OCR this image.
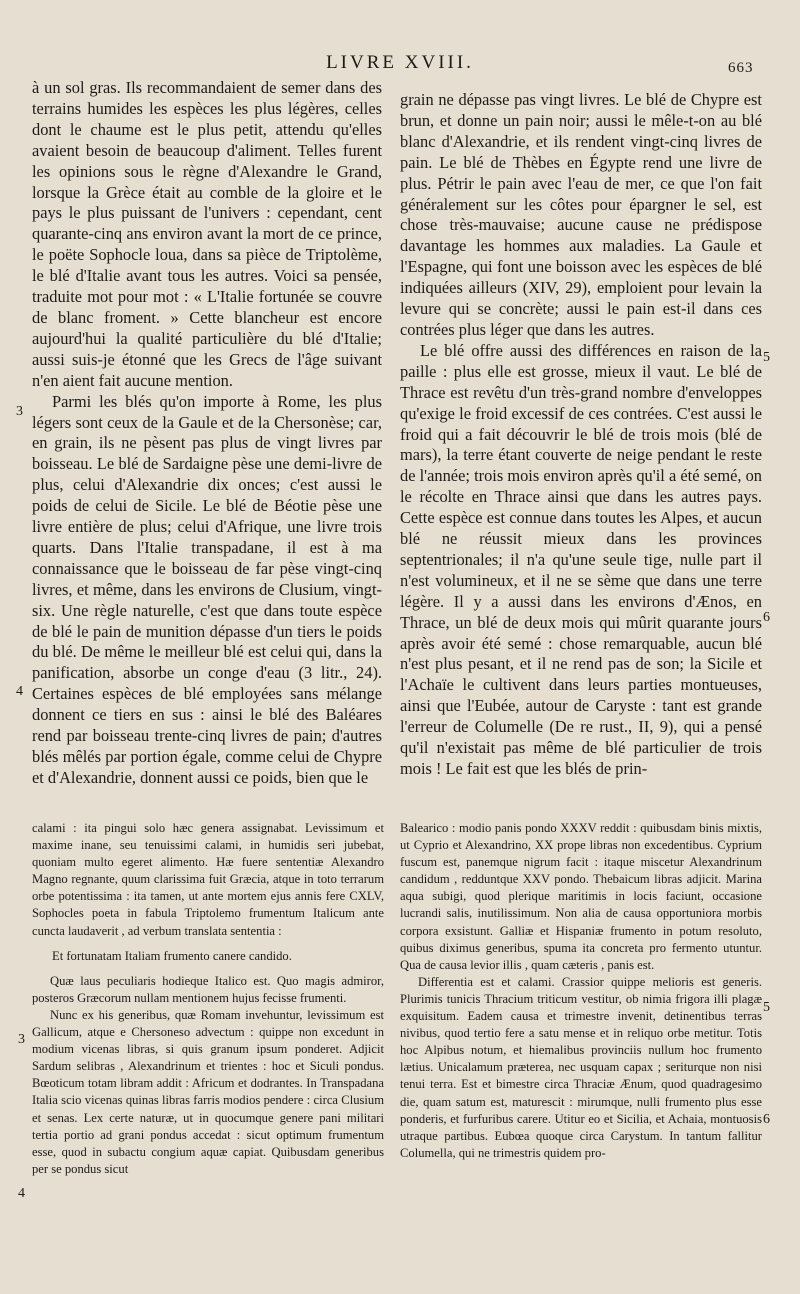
LIVRE XVIII.	663

à un sol gras. Ils recommandaient de semer dans des terrains humides les espèces les plus légères, celles dont le chaume est le plus petit, attendu qu'elles avaient besoin de beaucoup d'aliment. Telles furent les opinions sous le règne d'Alexandre le Grand, lorsque la Grèce était au comble de la gloire et le pays le plus puissant de l'univers : cependant, cent quarante-cinq ans environ avant la mort de ce prince, le poëte Sophocle loua, dans sa pièce de Triptolème, le blé d'Italie avant tous les autres. Voici sa pensée, traduite mot pour mot : « L'Italie fortunée se couvre de blanc froment. » Cette blancheur est encore aujourd'hui la qualité particulière du blé d'Italie; aussi suis-je étonné que les Grecs de l'âge suivant n'en aient fait aucune mention.

Parmi les blés qu'on importe à Rome, les plus légers sont ceux de la Gaule et de la Chersonèse; car, en grain, ils ne pèsent pas plus de vingt livres par boisseau. Le blé de Sardaigne pèse une demi-livre de plus, celui d'Alexandrie dix onces; c'est aussi le poids de celui de Sicile. Le blé de Béotie pèse une livre entière de plus; celui d'Afrique, une livre trois quarts. Dans l'Italie transpadane, il est à ma connaissance que le boisseau de far pèse vingt-cinq livres, et même, dans les environs de Clusium, vingt-six. Une règle naturelle, c'est que dans toute espèce de blé le pain de munition dépasse d'un tiers le poids du blé. De même le meilleur blé est celui qui, dans la panification, absorbe un conge d'eau (3 litr., 24). Certaines espèces de blé employées sans mélange donnent ce tiers en sus : ainsi le blé des Baléares rend par boisseau trente-cinq livres de pain; d'autres blés mêlés par portion égale, comme celui de Chypre et d'Alexandrie, donnent aussi ce poids, bien que le

grain ne dépasse pas vingt livres. Le blé de Chypre est brun, et donne un pain noir; aussi le mêle-t-on au blé blanc d'Alexandrie, et ils rendent vingt-cinq livres de pain. Le blé de Thèbes en Égypte rend une livre de plus. Pétrir le pain avec l'eau de mer, ce que l'on fait généralement sur les côtes pour épargner le sel, est chose très-mauvaise; aucune cause ne prédispose davantage les hommes aux maladies. La Gaule et l'Espagne, qui font une boisson avec les espèces de blé indiquées ailleurs (XIV, 29), emploient pour levain la levure qui se concrète; aussi le pain est-il dans ces contrées plus léger que dans les autres.

Le blé offre aussi des différences en raison de la paille : plus elle est grosse, mieux il vaut. Le blé de Thrace est revêtu d'un très-grand nombre d'enveloppes qu'exige le froid excessif de ces contrées. C'est aussi le froid qui a fait découvrir le blé de trois mois (blé de mars), la terre étant couverte de neige pendant le reste de l'année; trois mois environ après qu'il a été semé, on le récolte en Thrace ainsi que dans les autres pays. Cette espèce est connue dans toutes les Alpes, et aucun blé ne réussit mieux dans les provinces septentrionales; il n'a qu'une seule tige, nulle part il n'est volumineux, et il ne se sème que dans une terre légère. Il y a aussi dans les environs d'Ænos, en Thrace, un blé de deux mois qui mûrit quarante jours après avoir été semé : chose remarquable, aucun blé n'est plus pesant, et il ne rend pas de son; la Sicile et l'Achaïe le cultivent dans leurs parties montueuses, ainsi que l'Eubée, autour de Caryste : tant est grande l'erreur de Columelle (De re rust., II, 9), qui a pensé qu'il n'existait pas même de blé particulier de trois mois ! Le fait est que les blés de prin-

calami : ita pingui solo hæc genera assignabat. Levissimum et maxime inane, seu tenuissimi calami, in humidis seri jubebat, quoniam multo egeret alimento. Hæ fuere sententiæ Alexandro Magno regnante, quum clarissima fuit Græcia, atque in toto terrarum orbe potentissima : ita tamen, ut ante mortem ejus annis fere CXLV, Sophocles poeta in fabula Triptolemo frumentum Italicum ante cuncta laudaverit , ad verbum translata sententia :

Et fortunatam Italiam frumento canere candido.

Quæ laus peculiaris hodieque Italico est. Quo magis admiror, posteros Græcorum nullam mentionem hujus fecisse frumenti.

Nunc ex his generibus, quæ Romam invehuntur, levissimum est Gallicum, atque e Chersoneso advectum : quippe non excedunt in modium vicenas libras, si quis granum ipsum ponderet. Adjicit Sardum selibras , Alexandrinum et trientes : hoc et Siculi pondus. Bœoticum totam libram addit : Africum et dodrantes. In Transpadana Italia scio vicenas quinas libras farris modios pendere : circa Clusium et senas. Lex certe naturæ, ut in quocumque genere pani militari tertia portio ad grani pondus accedat : sicut optimum frumentum esse, quod in subactu congium aquæ capiat. Quibusdam generibus per se pondus sicut

Balearico : modio panis pondo XXXV reddit : quibusdam binis mixtis, ut Cyprio et Alexandrino, XX prope libras non excedentibus. Cyprium fuscum est, panemque nigrum facit : itaque miscetur Alexandrinum candidum , redduntque XXV pondo. Thebaicum libras adjicit. Marina aqua subigi, quod plerique maritimis in locis faciunt, occasione lucrandi salis, inutilissimum. Non alia de causa opportuniora morbis corpora exsistunt. Galliæ et Hispaniæ frumento in potum resoluto, quibus diximus generibus, spuma ita concreta pro fermento utuntur. Qua de causa levior illis , quam cæteris , panis est.

Differentia est et calami. Crassior quippe melioris est generis. Plurimis tunicis Thracium triticum vestitur, ob nimia frigora illi plagæ exquisitum. Eadem causa et trimestre invenit, detinentibus terras nivibus, quod tertio fere a satu mense et in reliquo orbe metitur. Totis hoc Alpibus notum, et hiemalibus provinciis nullum hoc frumento lætius. Unicalamum præterea, nec usquam capax ; seriturque non nisi tenui terra. Est et bimestre circa Thraciæ Ænum, quod quadragesimo die, quam satum est, maturescit : mirumque, nulli frumento plus esse ponderis, et furfuribus carere. Utitur eo et Sicilia, et Achaia, montuosis utraque partibus. Eubœa quoque circa Carystum. In tantum fallitur Columella, qui ne trimestris quidem pro-

3
4
5
6
3
4
5
6
